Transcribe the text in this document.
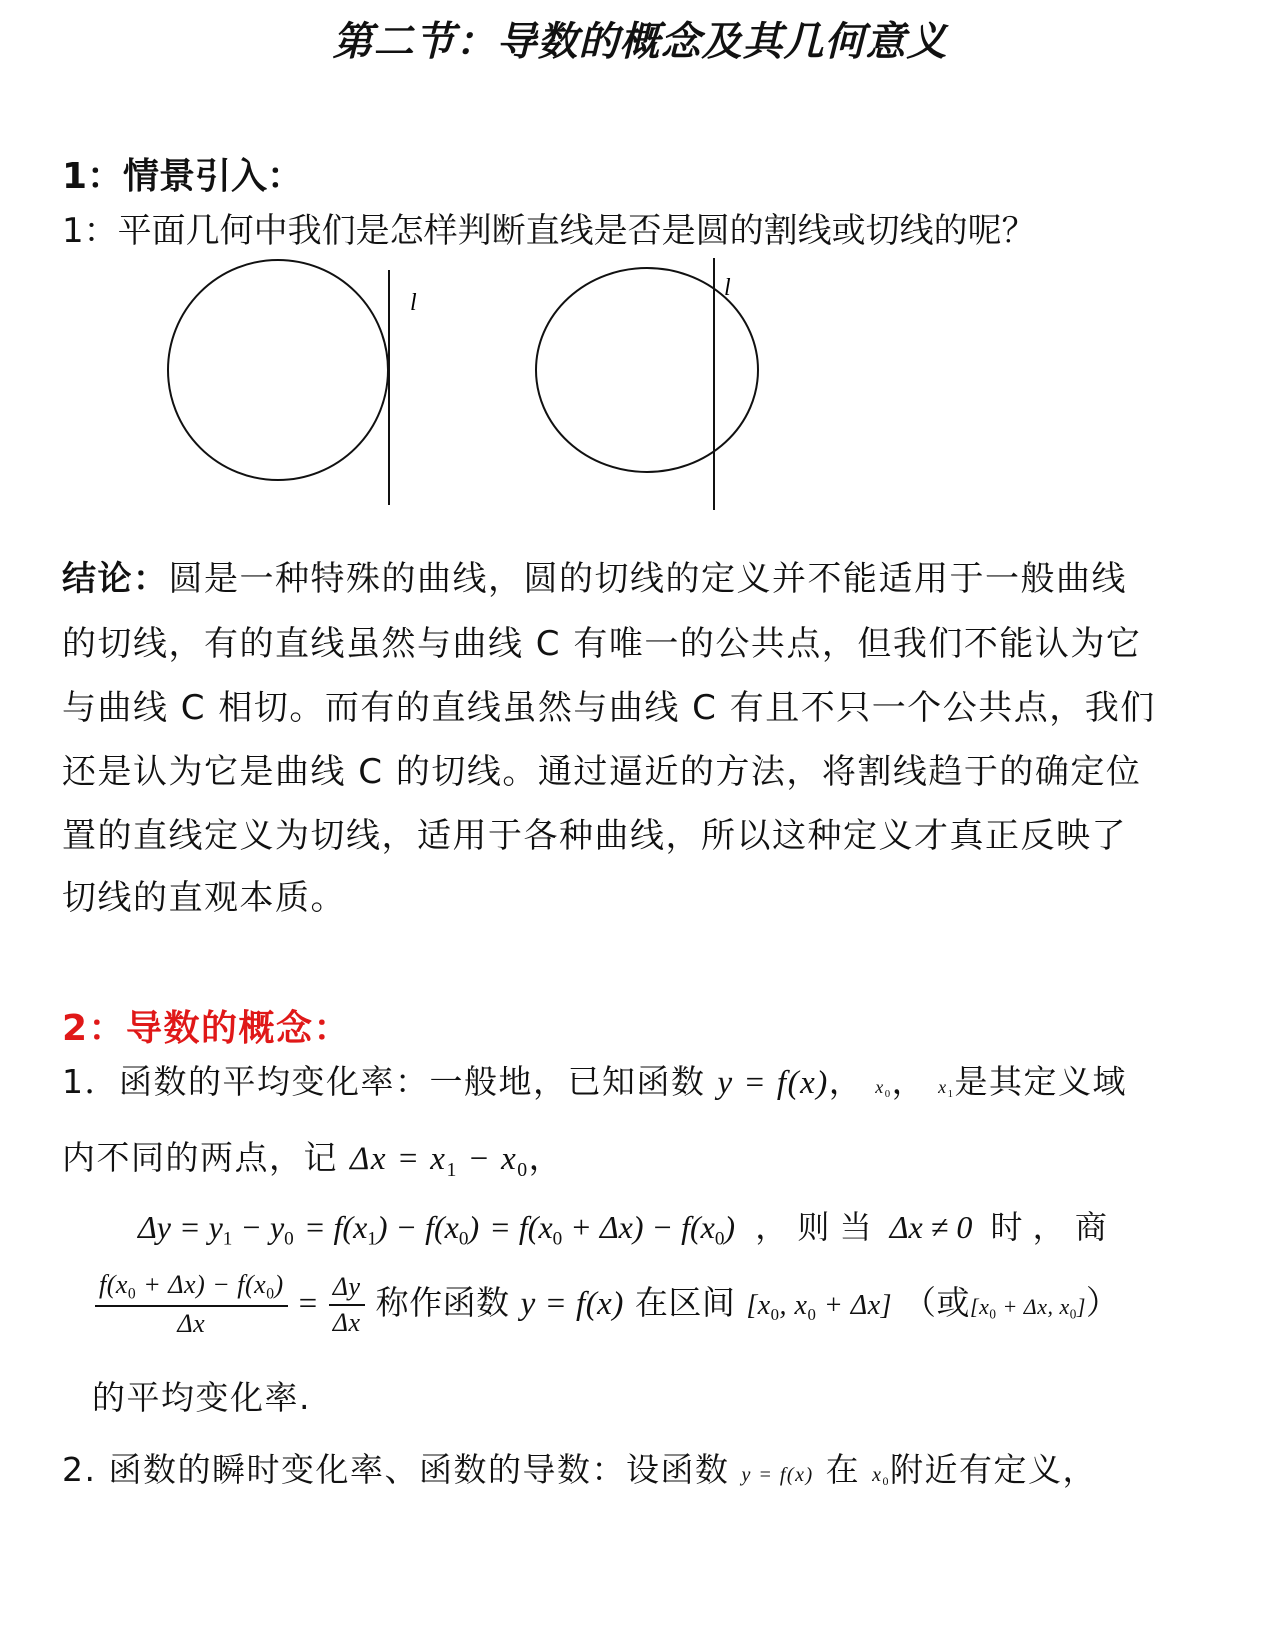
第二节：导数的概念及其几何意义
1：情景引入：
1：平面几何中我们是怎样判断直线是否是圆的割线或切线的呢？
l
l
结论：圆是一种特殊的曲线，圆的切线的定义并不能适用于一般曲线
的切线，有的直线虽然与曲线 C 有唯一的公共点，但我们不能认为它
与曲线 C 相切。而有的直线虽然与曲线 C 有且不只一个公共点，我们
还是认为它是曲线 C 的切线。通过逼近的方法，将割线趋于的确定位
置的直线定义为切线，适用于各种曲线，所以这种定义才真正反映了
切线的直观本质。
2：导数的概念：
1．函数的平均变化率：一般地，已知函数 y = f(x)， $x_0$， $x_1$是其定义域
内不同的两点，记 $\Delta x = x_1 - x_0$，
$\Delta y = y_1 - y_0 = f(x_1) - f(x_0) = f(x_0 + \Delta x) - f(x_0)$ ， 则 当 Δx ≠ 0 时 ， 商
$\frac{f(x_0 + \Delta x) - f(x_0)}{\Delta x} = \frac{\Delta y}{\Delta x}$ 称作函数 y = f(x) 在区间 [$x_0$, $x_0 + \Delta x$] （或[$x_0 + \Delta x$, $x_0$]）
的平均变化率.
2. 函数的瞬时变化率、函数的导数：设函数 y = f(x) 在 $x_0$附近有定义，
